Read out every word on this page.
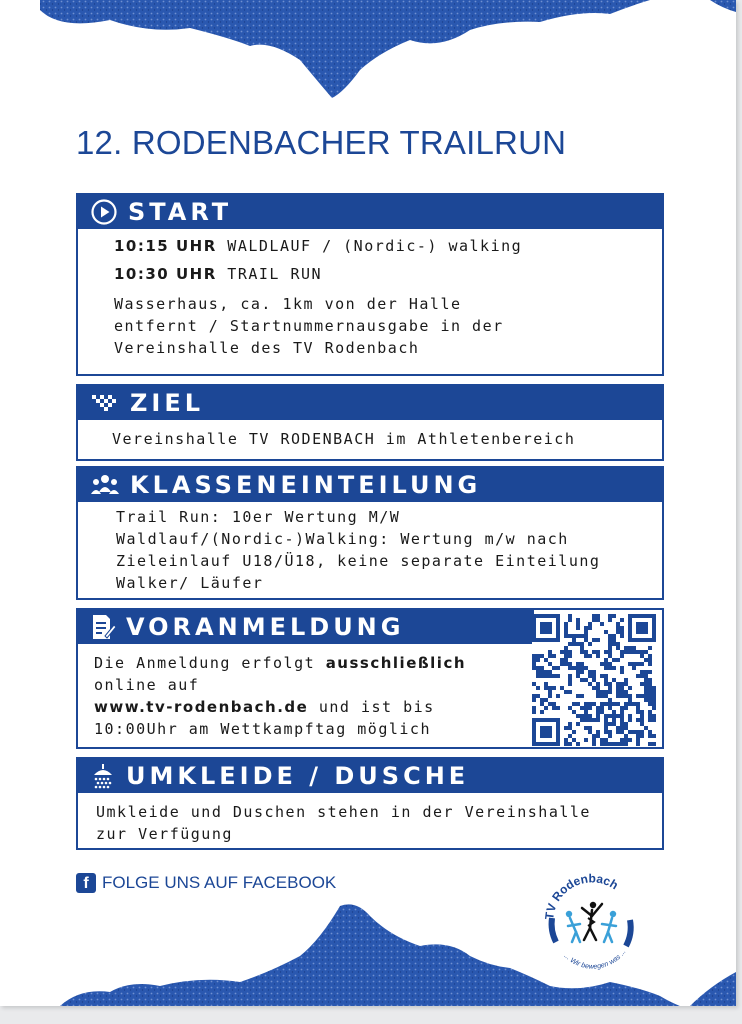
12. RODENBACHER TRAILRUN
START
10:15 UHR WALDLAUF / (Nordic-) walking
10:30 UHR TRAIL RUN
Wasserhaus, ca. 1km von der Halle
entfernt / Startnummernausgabe in der
Vereinshalle des TV Rodenbach
ZIEL
Vereinshalle TV RODENBACH im Athletenbereich
KLASSENEINTEILUNG
Trail Run: 10er Wertung M/W
Waldlauf/(Nordic-)Walking: Wertung m/w nach
Zieleinlauf U18/Ü18, keine separate Einteilung
Walker/ Läufer
VORANMELDUNG
Die Anmeldung erfolgt ausschließlich
online auf
www.tv-rodenbach.de und ist bis
10:00Uhr am Wettkampftag möglich
UMKLEIDE / DUSCHE
Umkleide und Duschen stehen in der Vereinshalle
zur Verfügung
f FOLGE UNS AUF FACEBOOK
TV Rodenbach
... Wir bewegen was ...
